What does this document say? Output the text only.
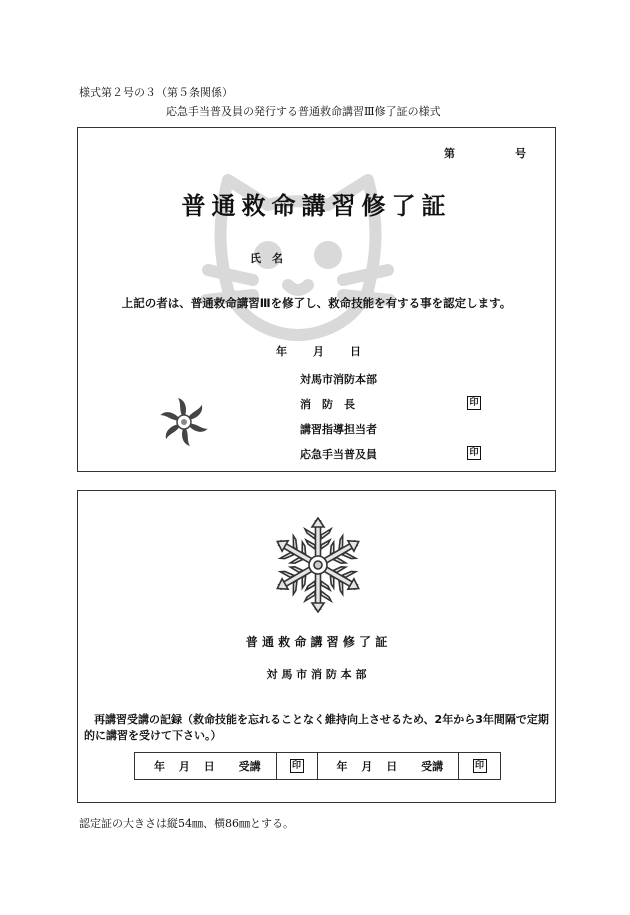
様式第２号の３（第５条関係）
応急手当普及員の発行する普通救命講習Ⅲ修了証の様式
第	号
普通救命講習修了証
氏　名
上記の者は、普通救命講習Ⅲを修了し、救命技能を有する事を認定します。
年 月 日
対馬市消防本部
消　防　長
講習指導担当者
応急手当普及員
印
印
普 通 救 命 講 習 修 了 証
対 馬 市 消 防 本 部
再講習受講の記録（救命技能を忘れることなく維持向上させるため、2年から3年間隔で定期的に講習を受けて下さい。）
年 月 日 受講	印	年 月 日 受講	印
認定証の大きさは縦54㎜、横86㎜とする。
